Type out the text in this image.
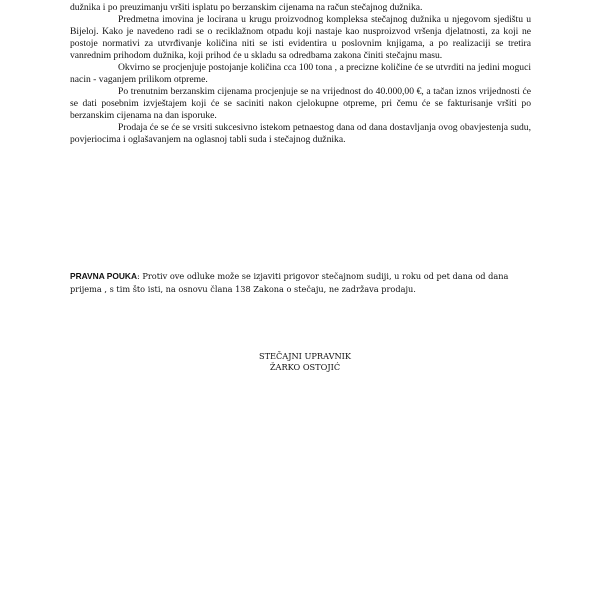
dužnika i po preuzimanju vršiti isplatu po berzanskim cijenama na račun stečajnog dužnika.

Predmetna imovina je locirana u krugu proizvodnog kompleksa stečajnog dužnika u njegovom sjedištu u Bijeloj. Kako je navedeno radi se o reciklažnom otpadu koji nastaje kao nusproizvod vršenja djelatnosti, za koji ne postoje normativi za utvrđivanje količina niti se isti evidentira u poslovnim knjigama, a po realizaciji se tretira vanrednim prihodom dužnika, koji prihod će u skladu sa odredbama zakona činiti stečajnu masu.

Okvirno se procjenjuje postojanje količina cca 100 tona , a precizne količine će se utvrditi na jedini moguci nacin - vaganjem prilikom otpreme.

Po trenutnim berzanskim cijenama procjenjuje se na vrijednost do 40.000,00 €, a tačan iznos vrijednosti će se dati posebnim izvještajem koji će se saciniti nakon cjelokupne otpreme, pri čemu će se fakturisanje vršiti po berzanskim cijenama na dan isporuke.

Prodaja će se će se vrsiti sukcesivno istekom petnaestog dana od dana dostavljanja ovog obavjestenja sudu, povjeriocima i oglašavanjem na oglasnoj tabli suda i stečajnog dužnika.

PRAVNA POUKA: Protiv ove odluke može se izjaviti prigovor stečajnom sudiji, u roku od pet dana od dana prijema , s tim što isti, na osnovu člana 138 Zakona o stečaju, ne zadržava prodaju.
STEČAJNI UPRAVNIK
ŽARKO OSTOJIĆ
